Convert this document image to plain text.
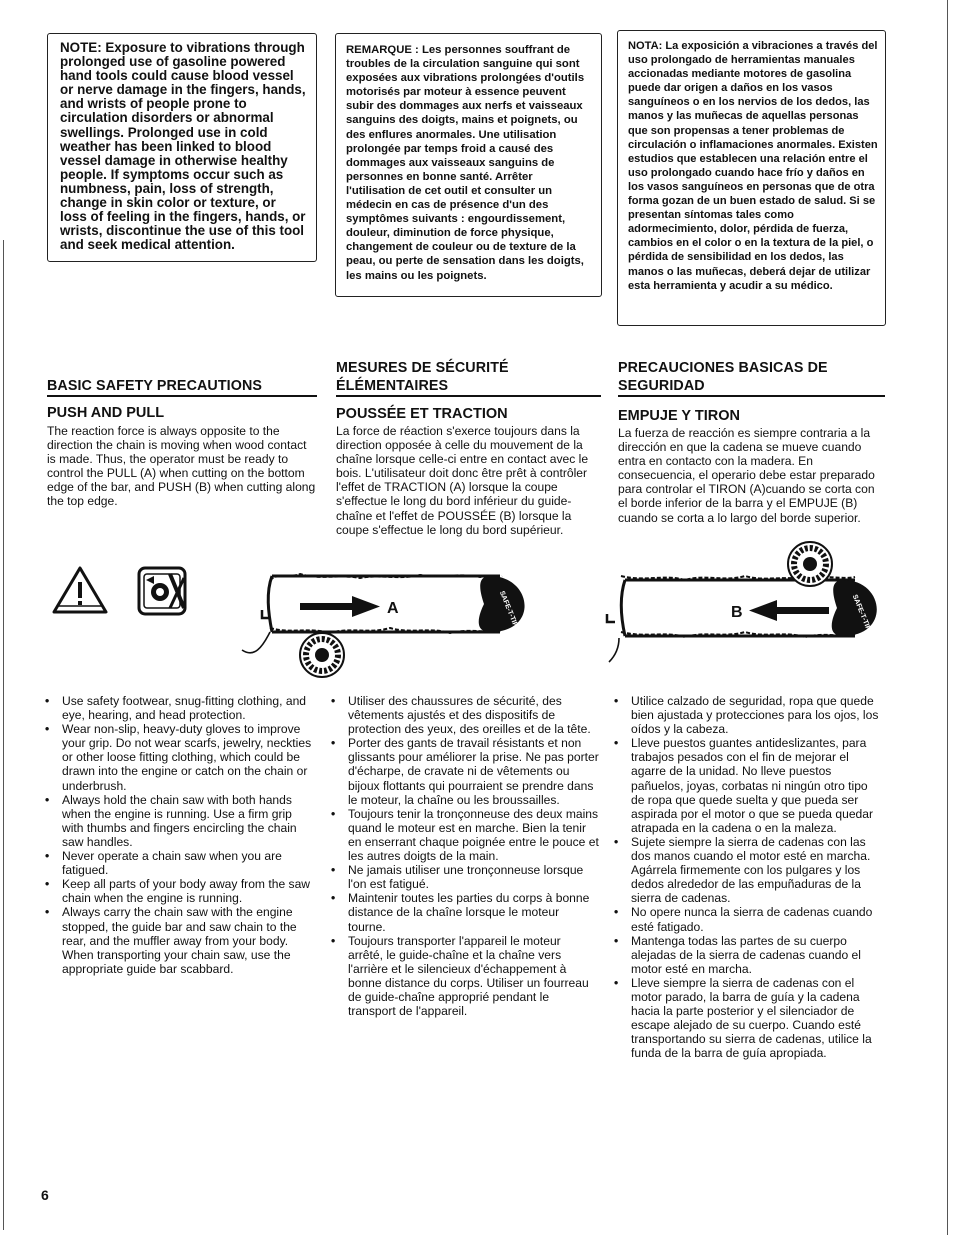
NOTE: Exposure to vibrations through prolonged use of gasoline powered hand tools could cause blood vessel or nerve damage in the fingers, hands, and wrists of people prone to circulation disorders or abnormal swellings. Prolonged use in cold weather has been linked to blood vessel damage in otherwise healthy people. If symptoms occur such as numbness, pain, loss of strength, change in skin color or texture, or loss of feeling in the fingers, hands, or wrists, discontinue the use of this tool and seek medical attention.

REMARQUE : Les personnes souffrant de troubles de la circulation sanguine qui sont exposées aux vibrations prolongées d'outils motorisés par moteur à essence peuvent subir des dommages aux nerfs et vaisseaux sanguins des doigts, mains et poignets, ou des enflures anormales. Une utilisation prolongée par temps froid a causé des dommages aux vaisseaux sanguins de personnes en bonne santé. Arrêter l'utilisation de cet outil et consulter un médecin en cas de présence d'un des symptômes suivants : engourdissement, douleur, diminution de force physique, changement de couleur ou de texture de la peau, ou perte de sensation dans les doigts, les mains ou les poignets.

NOTA: La exposición a vibraciones a través del uso prolongado de herramientas manuales accionadas mediante motores de gasolina puede dar origen a daños en los vasos sanguíneos o en los nervios de los dedos, las manos y las muñecas de aquellas personas que son propensas a tener problemas de circulación o inflamaciones anormales. Existen estudios que establecen una relación entre el uso prolongado cuando hace frío y daños en los vasos sanguíneos en personas que de otra forma gozan de un buen estado de salud. Si se presentan síntomas tales como adormecimiento, dolor, pérdida de fuerza, cambios en el color o en la textura de la piel, o pérdida de sensibilidad en los dedos, las manos o las muñecas, deberá dejar de utilizar esta herramienta y acudir a su médico.

BASIC SAFETY PRECAUTIONS
MESURES DE SÉCURITÉ
ÉLÉMENTAIRES
PRECAUCIONES BASICAS DE
SEGURIDAD
PUSH AND PULL	POUSSÉE ET TRACTION	EMPUJE Y TIRON

The reaction force is always opposite to the direction the chain is moving when wood contact is made. Thus, the operator must be ready to control the PULL (A) when cutting on the bottom edge of the bar, and PUSH (B) when cutting along the top edge.

La force de réaction s'exerce toujours dans la direction opposée à celle du mouvement de la chaîne lorsque celle-ci entre en contact avec le bois. L'utilisateur doit donc être prêt à contrôler l'effet de TRACTION (A) lorsque la coupe s'effectue le long du bord inférieur du guide-chaîne et l'effet de POUSSÉE (B) lorsque la coupe s'effectue le long du bord supérieur.

La fuerza de reacción es siempre contraria a la dirección en que la cadena se mueve cuando entra en contacto con la madera. En consecuencia, el operario debe estar preparado para controlar el TIRON (A)cuando se corta con el borde inferior de la barra y el EMPUJE (B) cuando se corta a lo largo del borde superior.

A	SAFE-T-TIP	B	SAFE-T-TIP
• Use safety footwear, snug-fitting clothing, and eye, hearing, and head protection.
• Wear non-slip, heavy-duty gloves to improve your grip. Do not wear scarfs, jewelry, neckties or other loose fitting clothing, which could be drawn into the engine or catch on the chain or underbrush.
• Always hold the chain saw with both hands when the engine is running. Use a firm grip with thumbs and fingers encircling the chain saw handles.
• Never operate a chain saw when you are fatigued.
• Keep all parts of your body away from the saw chain when the engine is running.
• Always carry the chain saw with the engine stopped, the guide bar and saw chain to the rear, and the muffler away from your body. When transporting your chain saw, use the appropriate guide bar scabbard.
• Utiliser des chaussures de sécurité, des vêtements ajustés et des dispositifs de protection des yeux, des oreilles et de la tête.
• Porter des gants de travail résistants et non glissants pour améliorer la prise. Ne pas porter d'écharpe, de cravate ni de vêtements ou bijoux flottants qui pourraient se prendre dans le moteur, la chaîne ou les broussailles.
• Toujours tenir la tronçonneuse des deux mains quand le moteur est en marche. Bien la tenir en enserrant chaque poignée entre le pouce et les autres doigts de la main.
• Ne jamais utiliser une tronçonneuse lorsque l'on est fatigué.
• Maintenir toutes les parties du corps à bonne distance de la chaîne lorsque le moteur tourne.
• Toujours transporter l'appareil le moteur arrêté, le guide-chaîne et la chaîne vers l'arrière et le silencieux d'échappement à bonne distance du corps. Utiliser un fourreau de guide-chaîne approprié pendant le transport de l'appareil.
• Utilice calzado de seguridad, ropa que quede bien ajustada y protecciones para los ojos, los oídos y la cabeza.
• Lleve puestos guantes antideslizantes, para trabajos pesados con el fin de mejorar el agarre de la unidad. No lleve puestos pañuelos, joyas, corbatas ni ningún otro tipo de ropa que quede suelta y que pueda ser aspirada por el motor o que se pueda quedar atrapada en la cadena o en la maleza.
• Sujete siempre la sierra de cadenas con las dos manos cuando el motor esté en marcha. Agárrela firmemente con los pulgares y los dedos alrededor de las empuñaduras de la sierra de cadenas.
• No opere nunca la sierra de cadenas cuando esté fatigado.
• Mantenga todas las partes de su cuerpo alejadas de la sierra de cadenas cuando el motor esté en marcha.
• Lleve siempre la sierra de cadenas con el motor parado, la barra de guía y la cadena hacia la parte posterior y el silenciador de escape alejado de su cuerpo. Cuando esté transportando su sierra de cadenas, utilice la funda de la barra de guía apropiada.
6
